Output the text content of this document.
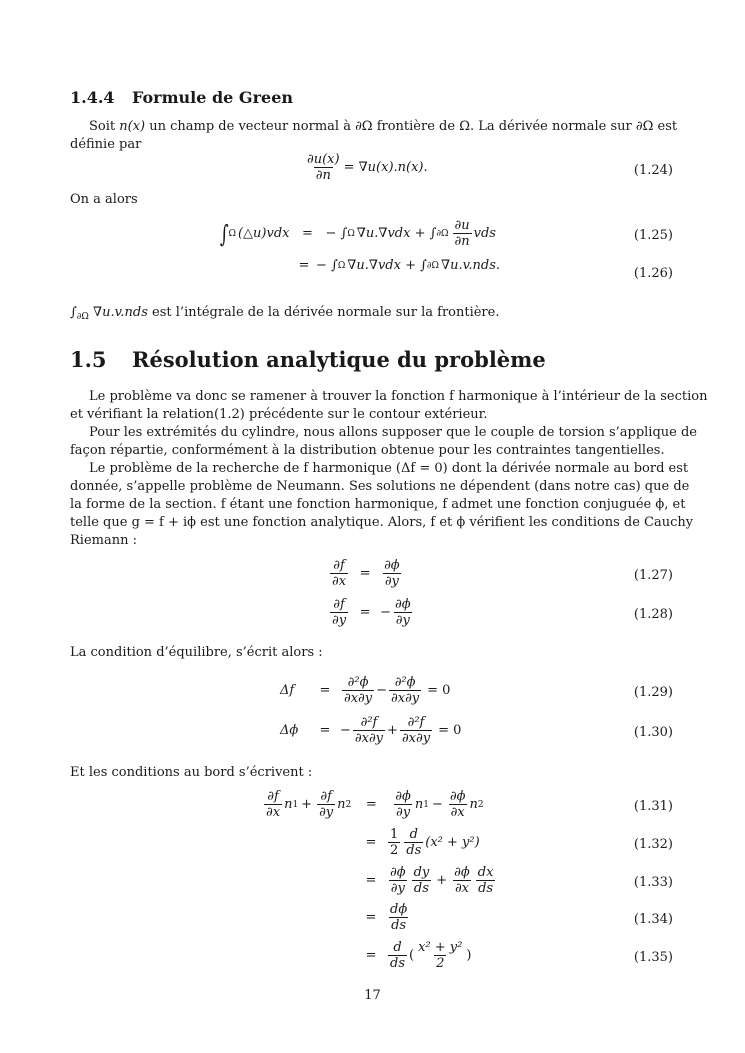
1.4.4 Formule de Green
Soit n(x) un champ de vecteur normal à ∂Ω frontière de Ω. La dérivée normale sur ∂Ω est
définie par
$\frac{\partial u(x)}{\partial n} = \nabla u(x).n(x)$.	(1.24)
On a alors
∫ Ω (△u)vdx = − ∫ Ω ∇u.∇vdx + ∫ $\partial\Omega \frac{\partial u}{\partial n}$ vds	(1.25)
= − ∫ Ω ∇u.∇vdx + ∫ ∂Ω ∇u.v.nds.
(1.26)
$\int_{\partial\Omega}$ ∇u.v.nds est l’intégrale de la dérivée normale sur la frontière.
1.5 Résolution analytique du problème
Le problème va donc se ramener à trouver la fonction f harmonique à l’intérieur de la section
et vérifiant la relation(1.2) précédente sur le contour extérieur.
Pour les extrémités du cylindre, nous allons supposer que le couple de torsion s’applique de
façon répartie, conformément à la distribution obtenue pour les contraintes tangentielles.
Le problème de la recherche de f harmonique (Δf = 0) dont la dérivée normale au bord est
donnée, s’appelle problème de Neumann. Ses solutions ne dépendent (dans notre cas) que de
la forme de la section. f étant une fonction harmonique, f admet une fonction conjuguée ϕ, et
telle que g = f + iϕ est une fonction analytique. Alors, f et ϕ vérifient les conditions de Cauchy
Riemann :
$\frac{\partial f}{\partial x} = \frac{\partial\phi}{\partial y}$	(1.27)
$\frac{\partial f}{\partial y}$ = − $\frac{\partial\phi}{\partial y}$	(1.28)
La condition d’équilibre, s’écrit alors :
Δf	= $\frac{\text{∂²ϕ}}{\partial x\partial y} - \frac{\text{∂²ϕ}}{\partial x\partial y} = 0$	(1.29)
Δϕ	= − $\frac{\text{∂²f}}{\partial x\partial y} + \frac{\text{∂²f}}{\partial x\partial y} = 0$	(1.30)
Et les conditions au bord s’écrivent :
$\frac{\partial f}{\partial x}$ n $1 + \frac{\partial f}{\partial y}$ n 2	=	$\frac{\partial\phi}{\partial y}$ n $1 - \frac{\partial\phi}{\partial x}$ n 2	(1.31)
= $\frac{1}{2} \frac{d}{ds} (x^2 + y^2)$	(1.32)
= $\frac{\partial\phi}{\partial y} \frac{dy}{ds} + \frac{\partial\phi}{\partial x} \frac{dx}{ds}$	(1.33)
= $\frac{d\phi}{ds}$	(1.34)
= $\frac{d}{ds}$ ( $\frac{\text{x² + y²}}{2}$ )	(1.35)
17
